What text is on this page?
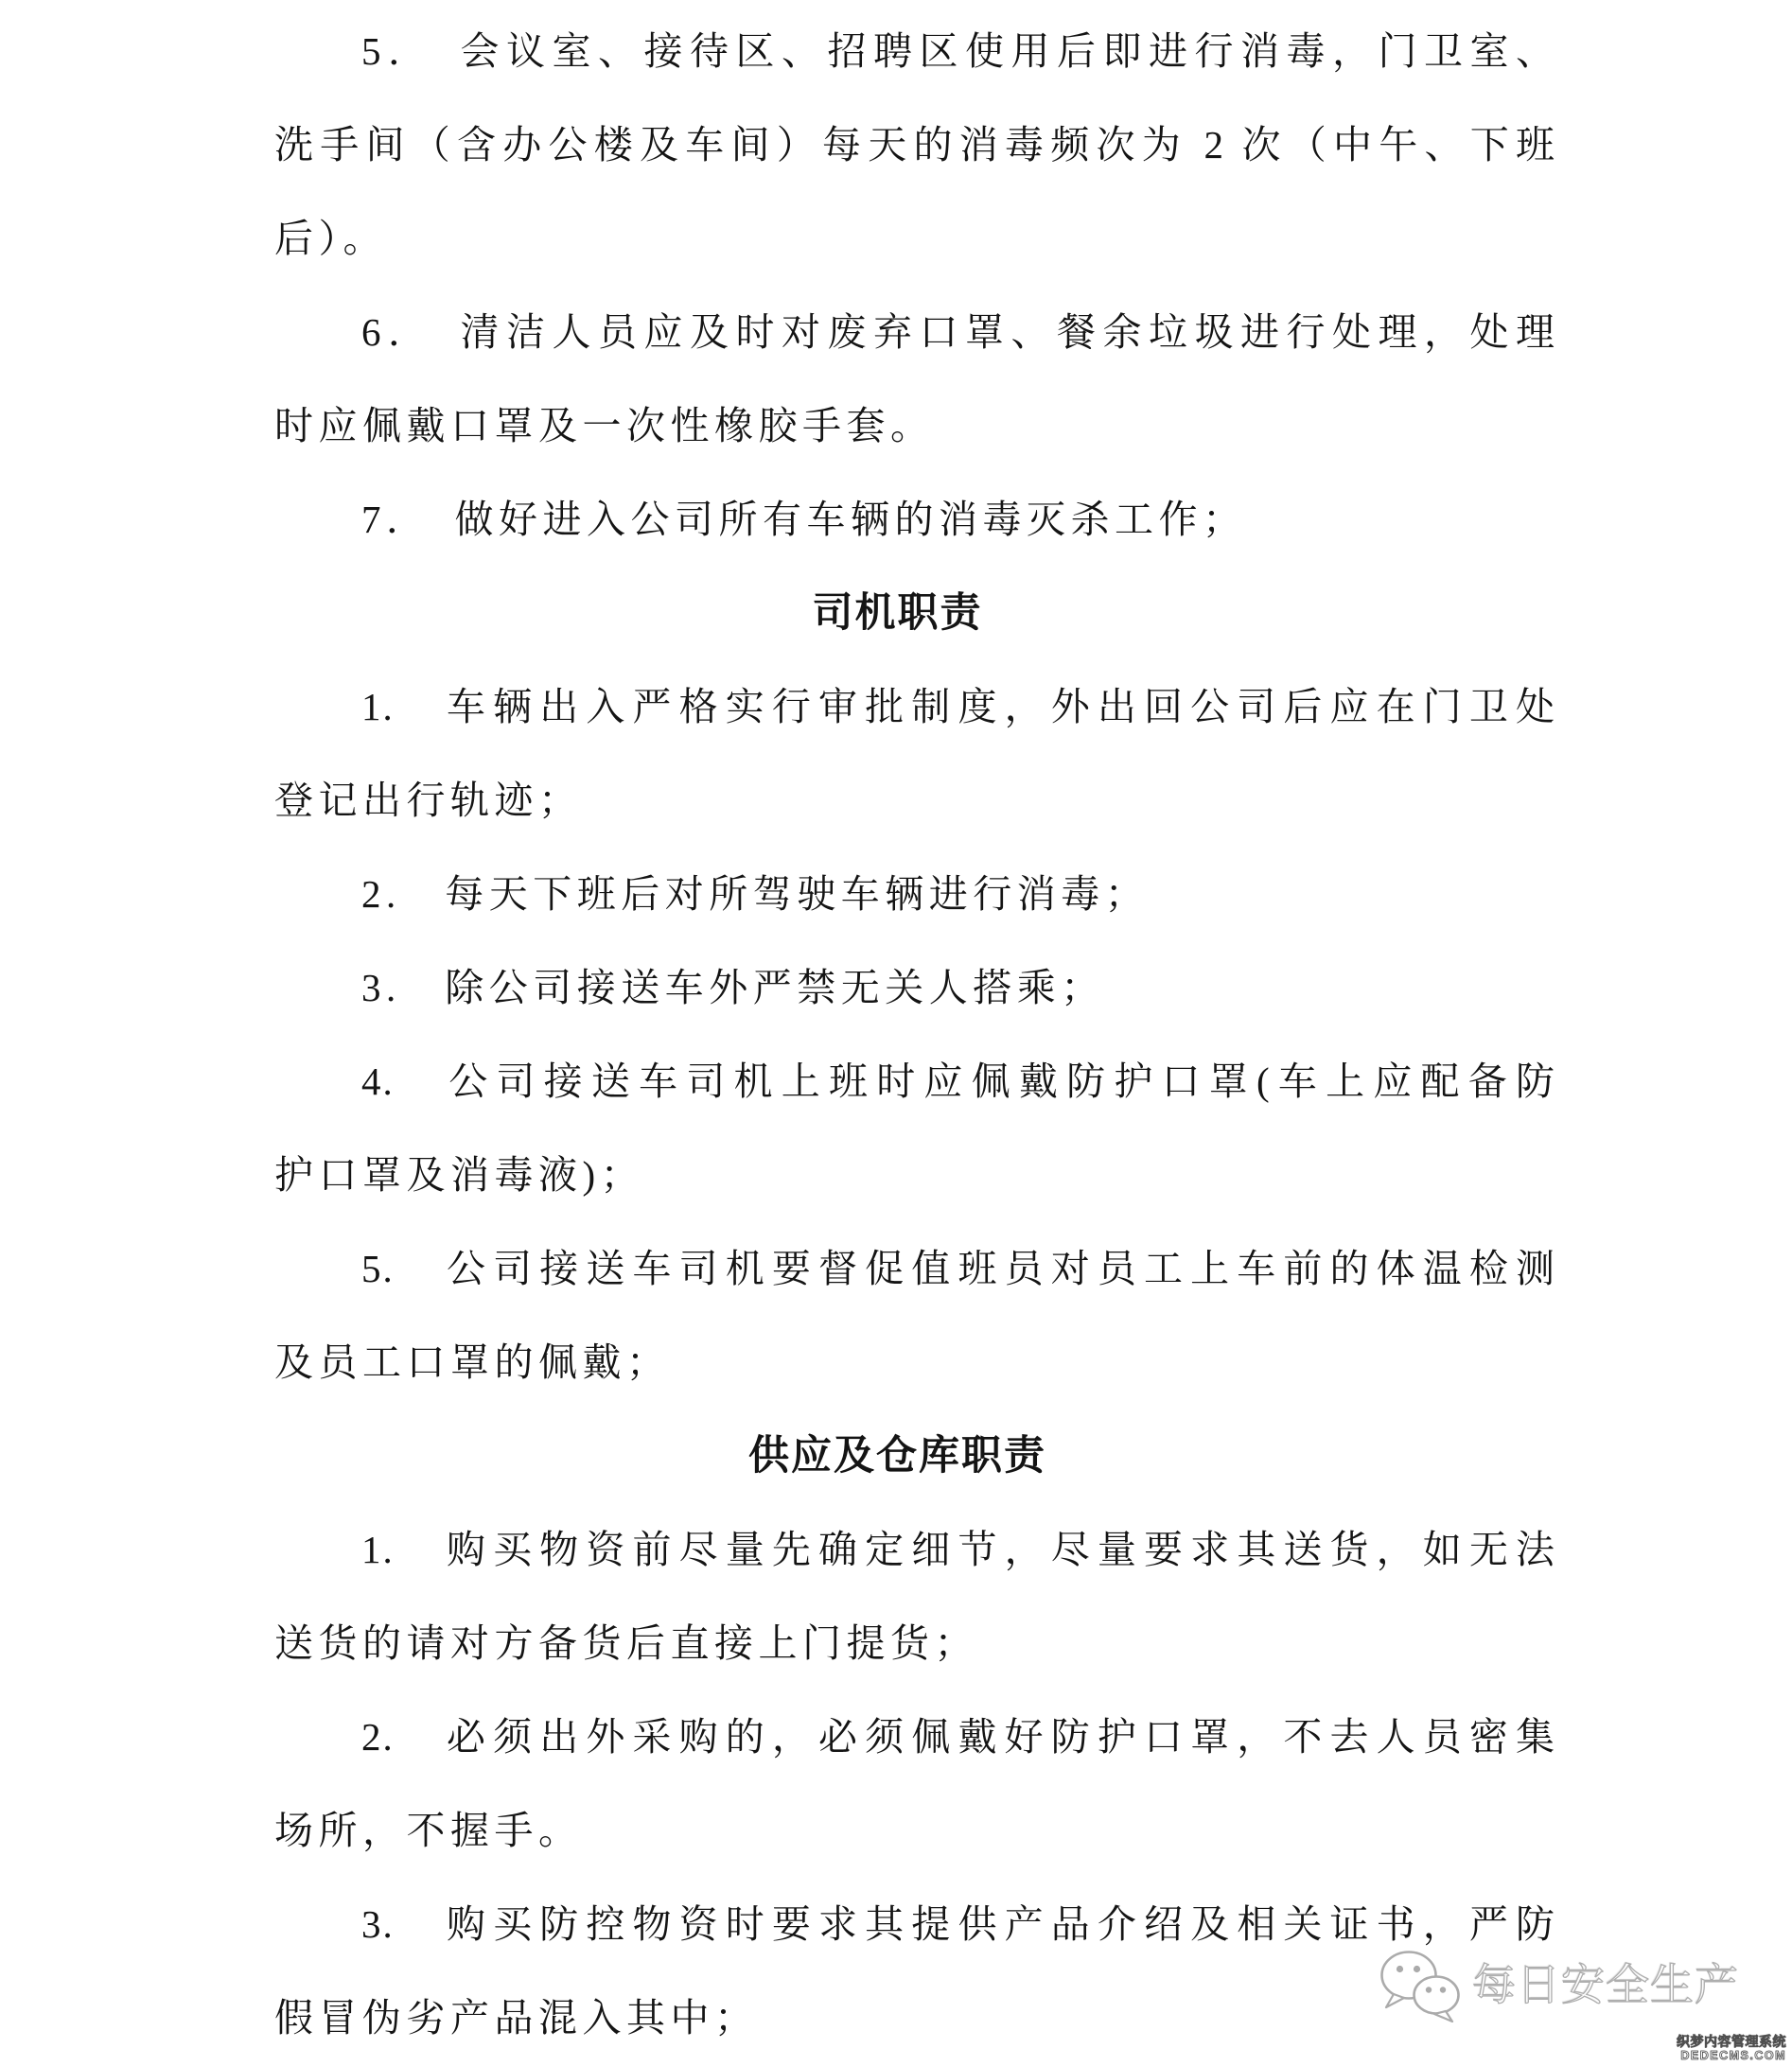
5．　会议室、接待区、招聘区使用后即进行消毒，门卫室、
洗手间（含办公楼及车间）每天的消毒频次为 2 次（中午、下班
后）。
6．　清洁人员应及时对废弃口罩、餐余垃圾进行处理，处理
时应佩戴口罩及一次性橡胶手套。
7．　做好进入公司所有车辆的消毒灭杀工作；
司机职责
1.　车辆出入严格实行审批制度，外出回公司后应在门卫处
登记出行轨迹；
2.　每天下班后对所驾驶车辆进行消毒；
3.　除公司接送车外严禁无关人搭乘；
4.　公司接送车司机上班时应佩戴防护口罩(车上应配备防
护口罩及消毒液)；
5.　公司接送车司机要督促值班员对员工上车前的体温检测
及员工口罩的佩戴；
供应及仓库职责
1.　购买物资前尽量先确定细节，尽量要求其送货，如无法
送货的请对方备货后直接上门提货；
2.　必须出外采购的，必须佩戴好防护口罩，不去人员密集
场所，不握手。
3.　购买防控物资时要求其提供产品介绍及相关证书，严防
假冒伪劣产品混入其中；
每日安全生产
织梦内容管理系统
DEDECMS.COM
